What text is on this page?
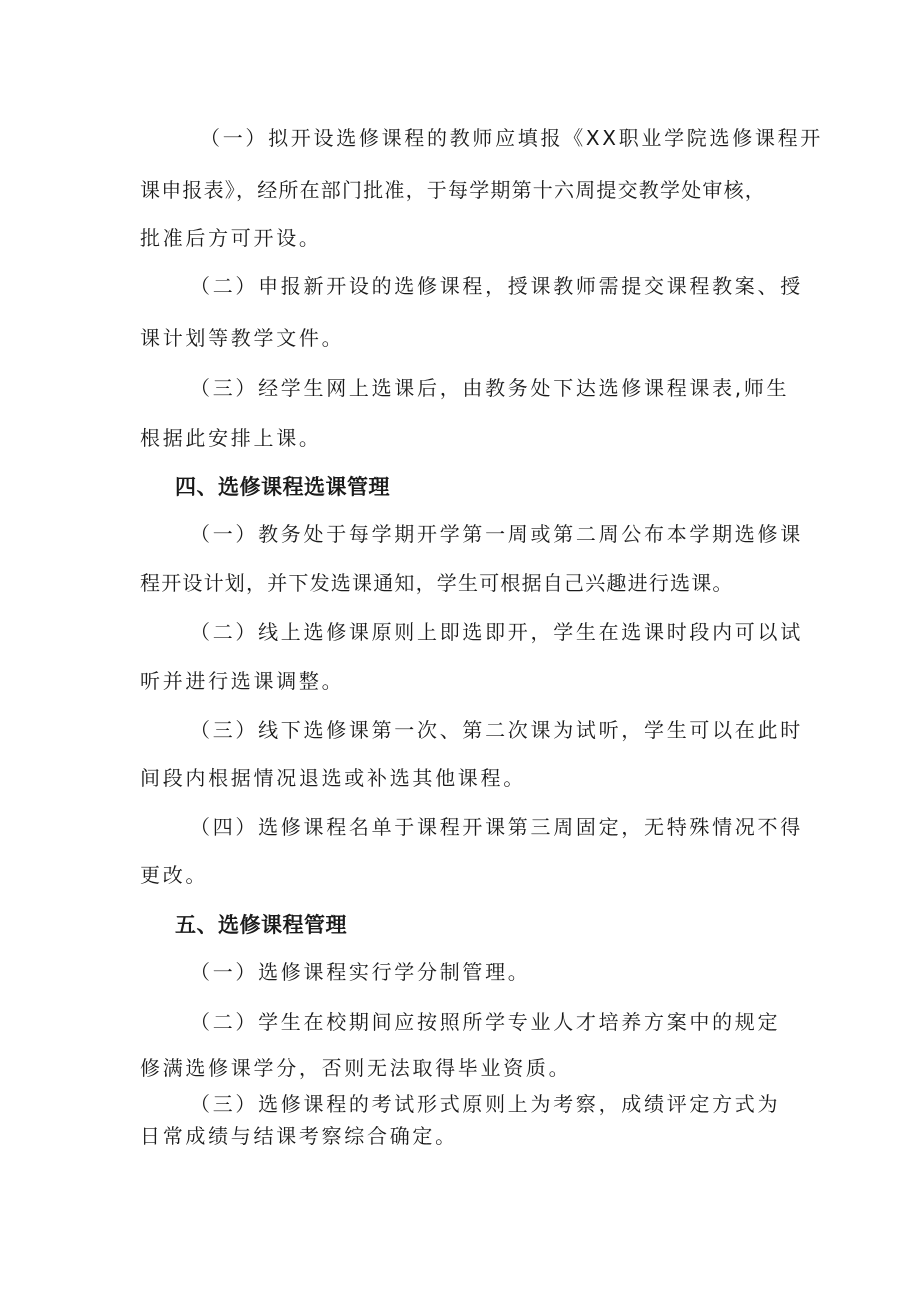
（一）拟开设选修课程的教师应填报《XX职业学院选修课程开
课申报表》，经所在部门批准，于每学期第十六周提交教学处审核，
批准后方可开设。
（二）申报新开设的选修课程，授课教师需提交课程教案、授
课计划等教学文件。
（三）经学生网上选课后，由教务处下达选修课程课表,师生
根据此安排上课。
四、选修课程选课管理
（一）教务处于每学期开学第一周或第二周公布本学期选修课
程开设计划，并下发选课通知，学生可根据自己兴趣进行选课。
（二）线上选修课原则上即选即开，学生在选课时段内可以试
听并进行选课调整。
（三）线下选修课第一次、第二次课为试听，学生可以在此时
间段内根据情况退选或补选其他课程。
（四）选修课程名单于课程开课第三周固定，无特殊情况不得
更改。
五、选修课程管理
（一）选修课程实行学分制管理。
（二）学生在校期间应按照所学专业人才培养方案中的规定
修满选修课学分，否则无法取得毕业资质。
（三）选修课程的考试形式原则上为考察，成绩评定方式为
日常成绩与结课考察综合确定。
